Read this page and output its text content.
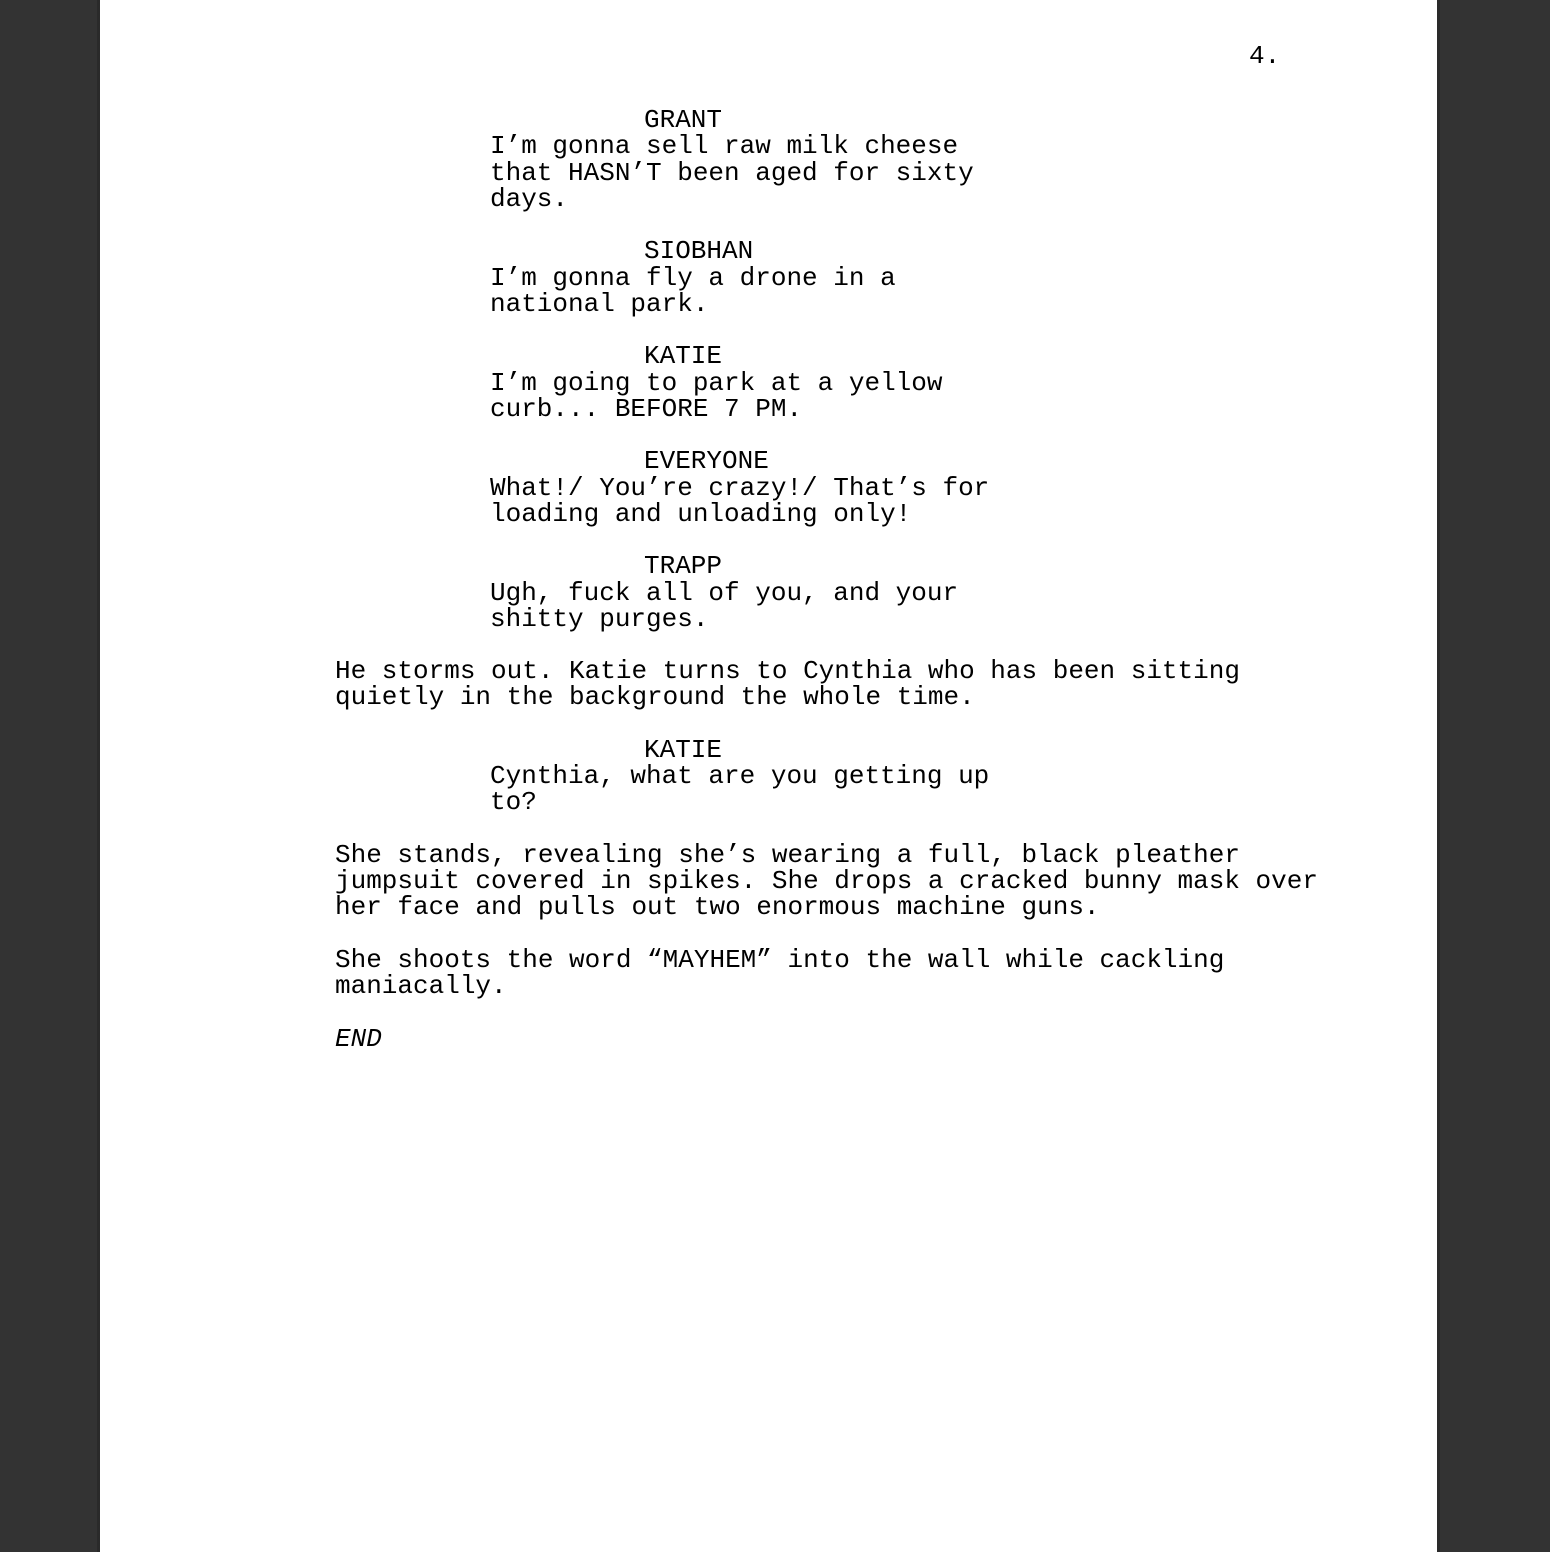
4.
GRANT
I’m gonna sell raw milk cheese
that HASN’T been aged for sixty
days.
SIOBHAN
I’m gonna fly a drone in a
national park.
KATIE
I’m going to park at a yellow
curb... BEFORE 7 PM.
EVERYONE
What!/ You’re crazy!/ That’s for
loading and unloading only!
TRAPP
Ugh, fuck all of you, and your
shitty purges.
He storms out. Katie turns to Cynthia who has been sitting
quietly in the background the whole time.
KATIE
Cynthia, what are you getting up
to?
She stands, revealing she’s wearing a full, black pleather
jumpsuit covered in spikes. She drops a cracked bunny mask over
her face and pulls out two enormous machine guns.
She shoots the word “MAYHEM” into the wall while cackling
maniacally.
END
